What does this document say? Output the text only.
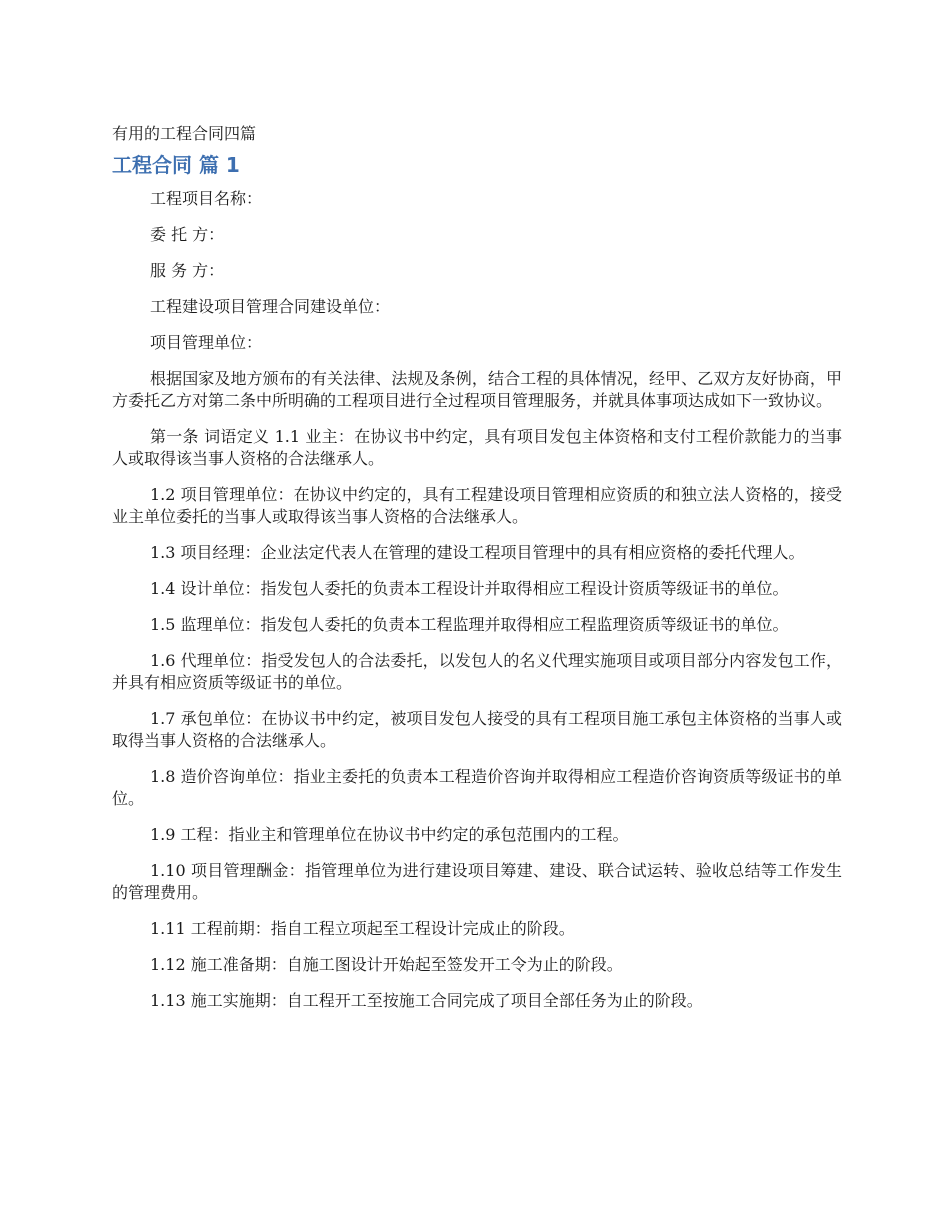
有用的工程合同四篇
工程合同 篇 1

工程项目名称：

委 托 方：

服 务 方：

工程建设项目管理合同建设单位：

项目管理单位：

根据国家及地方颁布的有关法律、法规及条例，结合工程的具体情况，经甲、乙双方友好协商，甲方委托乙方对第二条中所明确的工程项目进行全过程项目管理服务，并就具体事项达成如下一致协议。

第一条 词语定义 1.1 业主：在协议书中约定，具有项目发包主体资格和支付工程价款能力的当事人或取得该当事人资格的合法继承人。

1.2 项目管理单位：在协议中约定的，具有工程建设项目管理相应资质的和独立法人资格的，接受业主单位委托的当事人或取得该当事人资格的合法继承人。

1.3 项目经理：企业法定代表人在管理的建设工程项目管理中的具有相应资格的委托代理人。

1.4 设计单位：指发包人委托的负责本工程设计并取得相应工程设计资质等级证书的单位。

1.5 监理单位：指发包人委托的负责本工程监理并取得相应工程监理资质等级证书的单位。

1.6 代理单位：指受发包人的合法委托，以发包人的名义代理实施项目或项目部分内容发包工作，并具有相应资质等级证书的单位。

1.7 承包单位：在协议书中约定，被项目发包人接受的具有工程项目施工承包主体资格的当事人或取得当事人资格的合法继承人。

1.8 造价咨询单位：指业主委托的负责本工程造价咨询并取得相应工程造价咨询资质等级证书的单位。

1.9 工程：指业主和管理单位在协议书中约定的承包范围内的工程。

1.10 项目管理酬金：指管理单位为进行建设项目筹建、建设、联合试运转、验收总结等工作发生的管理费用。

1.11 工程前期：指自工程立项起至工程设计完成止的阶段。

1.12 施工准备期：自施工图设计开始起至签发开工令为止的阶段。

1.13 施工实施期：自工程开工至按施工合同完成了项目全部任务为止的阶段。
